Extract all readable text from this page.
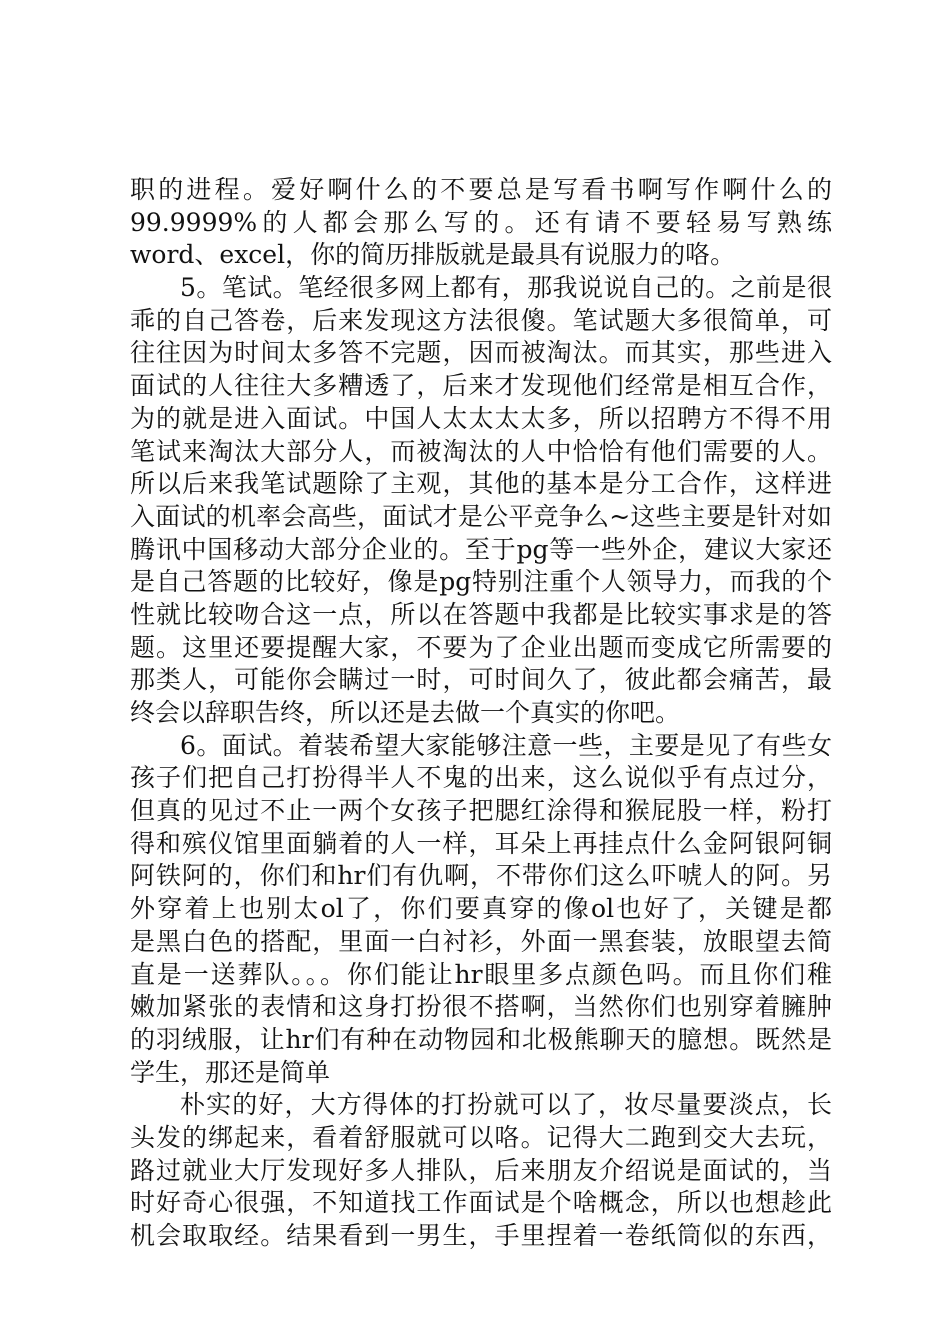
职的进程。爱好啊什么的不要总是写看书啊写作啊什么的
99.9999%的人都会那么写的。还有请不要轻易写熟练
word、excel，你的简历排版就是最具有说服力的咯。
5。笔试。笔经很多网上都有，那我说说自己的。之前是很
乖的自己答卷，后来发现这方法很傻。笔试题大多很简单，可
往往因为时间太多答不完题，因而被淘汰。而其实，那些进入
面试的人往往大多糟透了，后来才发现他们经常是相互合作，
为的就是进入面试。中国人太太太太多，所以招聘方不得不用
笔试来淘汰大部分人，而被淘汰的人中恰恰有他们需要的人。
所以后来我笔试题除了主观，其他的基本是分工合作，这样进
入面试的机率会高些，面试才是公平竞争么~这些主要是针对如
腾讯中国移动大部分企业的。至于pg等一些外企，建议大家还
是自己答题的比较好，像是pg特别注重个人领导力，而我的个
性就比较吻合这一点，所以在答题中我都是比较实事求是的答
题。这里还要提醒大家，不要为了企业出题而变成它所需要的
那类人，可能你会瞒过一时，可时间久了，彼此都会痛苦，最
终会以辞职告终，所以还是去做一个真实的你吧。
6。面试。着装希望大家能够注意一些，主要是见了有些女
孩子们把自己打扮得半人不鬼的出来，这么说似乎有点过分，
但真的见过不止一两个女孩子把腮红涂得和猴屁股一样，粉打
得和殡仪馆里面躺着的人一样，耳朵上再挂点什么金阿银阿铜
阿铁阿的，你们和hr们有仇啊，不带你们这么吓唬人的阿。另
外穿着上也别太ol了，你们要真穿的像ol也好了，关键是都
是黑白色的搭配，里面一白衬衫，外面一黑套装，放眼望去简
直是一送葬队。。。你们能让hr眼里多点颜色吗。而且你们稚
嫩加紧张的表情和这身打扮很不搭啊，当然你们也别穿着臃肿
的羽绒服，让hr们有种在动物园和北极熊聊天的臆想。既然是
学生，那还是简单
朴实的好，大方得体的打扮就可以了，妆尽量要淡点，长
头发的绑起来，看着舒服就可以咯。记得大二跑到交大去玩，
路过就业大厅发现好多人排队，后来朋友介绍说是面试的，当
时好奇心很强，不知道找工作面试是个啥概念，所以也想趁此
机会取取经。结果看到一男生，手里捏着一卷纸筒似的东西，
